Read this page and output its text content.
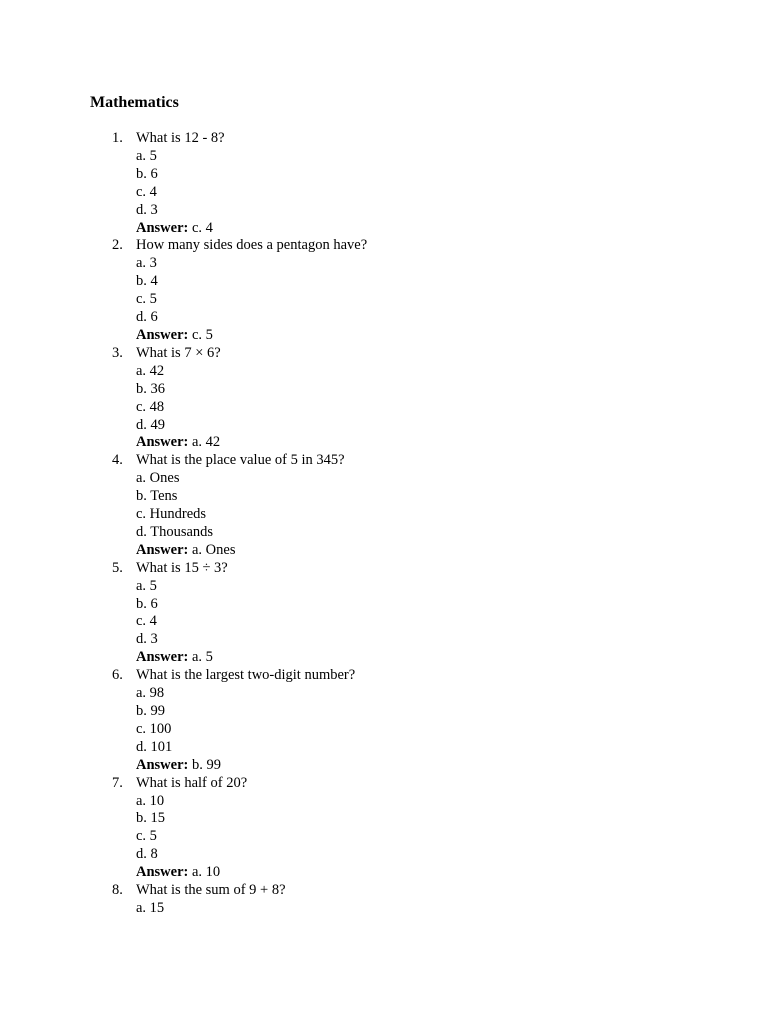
Mathematics
1. What is 12 - 8?
a. 5
b. 6
c. 4
d. 3
Answer: c. 4
2. How many sides does a pentagon have?
a. 3
b. 4
c. 5
d. 6
Answer: c. 5
3. What is 7 × 6?
a. 42
b. 36
c. 48
d. 49
Answer: a. 42
4. What is the place value of 5 in 345?
a. Ones
b. Tens
c. Hundreds
d. Thousands
Answer: a. Ones
5. What is 15 ÷ 3?
a. 5
b. 6
c. 4
d. 3
Answer: a. 5
6. What is the largest two-digit number?
a. 98
b. 99
c. 100
d. 101
Answer: b. 99
7. What is half of 20?
a. 10
b. 15
c. 5
d. 8
Answer: a. 10
8. What is the sum of 9 + 8?
a. 15
